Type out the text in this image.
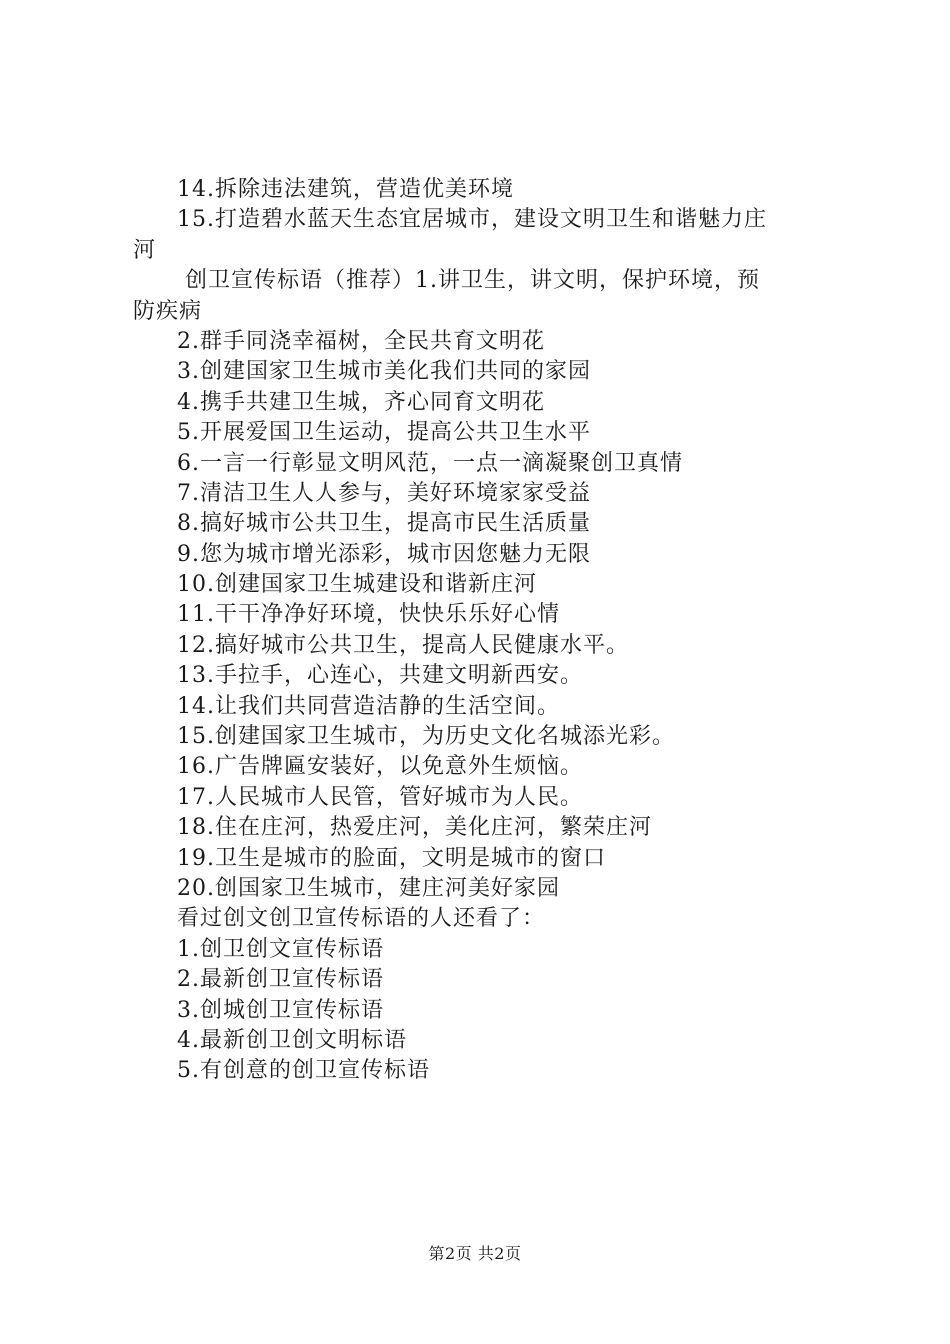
14.拆除违法建筑，营造优美环境
15.打造碧水蓝天生态宜居城市，建设文明卫生和谐魅力庄
河
创卫宣传标语（推荐）1.讲卫生，讲文明，保护环境，预
防疾病
2.群手同浇幸福树，全民共育文明花
3.创建国家卫生城市美化我们共同的家园
4.携手共建卫生城，齐心同育文明花
5.开展爱国卫生运动，提高公共卫生水平
6.一言一行彰显文明风范，一点一滴凝聚创卫真情
7.清洁卫生人人参与，美好环境家家受益
8.搞好城市公共卫生，提高市民生活质量
9.您为城市增光添彩，城市因您魅力无限
10.创建国家卫生城建设和谐新庄河
11.干干净净好环境，快快乐乐好心情
12.搞好城市公共卫生，提高人民健康水平。
13.手拉手，心连心，共建文明新西安。
14.让我们共同营造洁静的生活空间。
15.创建国家卫生城市，为历史文化名城添光彩。
16.广告牌匾安装好，以免意外生烦恼。
17.人民城市人民管，管好城市为人民。
18.住在庄河，热爱庄河，美化庄河，繁荣庄河
19.卫生是城市的脸面，文明是城市的窗口
20.创国家卫生城市，建庄河美好家园
看过创文创卫宣传标语的人还看了：
1.创卫创文宣传标语
2.最新创卫宣传标语
3.创城创卫宣传标语
4.最新创卫创文明标语
5.有创意的创卫宣传标语
第2页 共2页
